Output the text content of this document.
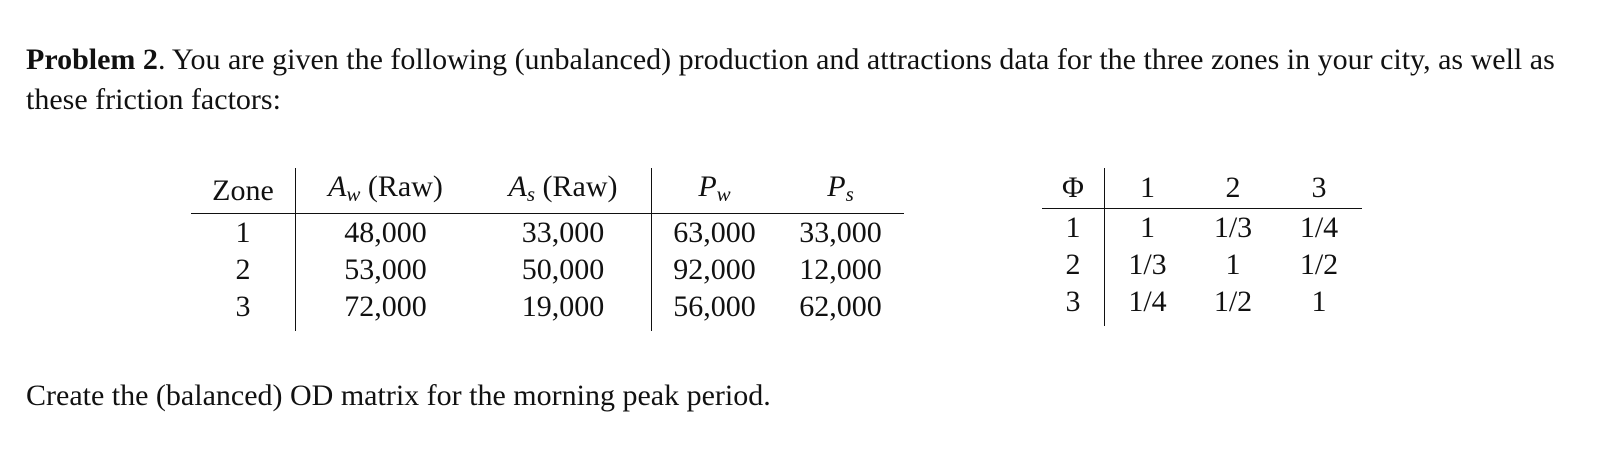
Problem 2. You are given the following (unbalanced) production and attractions data for the three zones in your city, as well as these friction factors:

Zone	$A_w$ (Raw)	$A_s$ (Raw)	$P_w$	$P_s$
1	48,000	33,000	63,000	33,000
2	53,000	50,000	92,000	12,000
3	72,000	19,000	56,000	62,000
Φ	1	2	3
1	1	1/3	1/4
2	1/3	1	1/2
3	1/4	1/2	1

Create the (balanced) OD matrix for the morning peak period.
